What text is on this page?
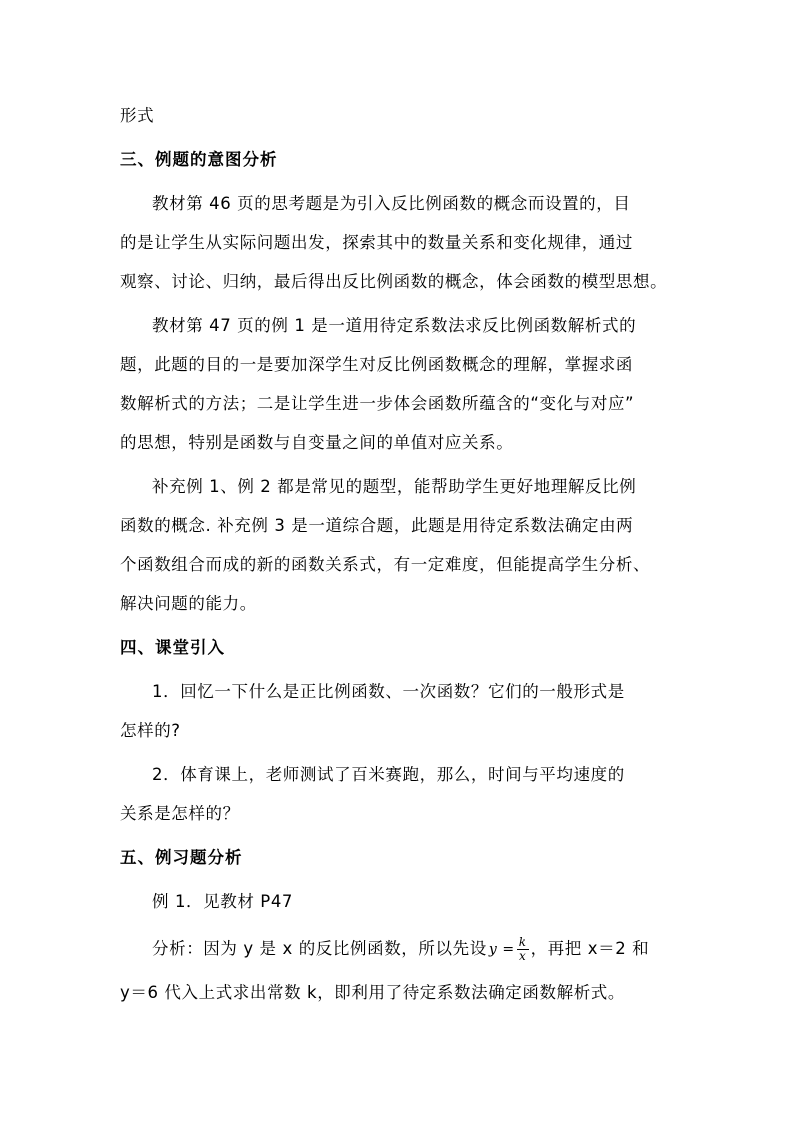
形式
三、例题的意图分析
教材第 46 页的思考题是为引入反比例函数的概念而设置的，目
的是让学生从实际问题出发，探索其中的数量关系和变化规律，通过
观察、讨论、归纳，最后得出反比例函数的概念，体会函数的模型思想。
教材第 47 页的例 1 是一道用待定系数法求反比例函数解析式的
题，此题的目的一是要加深学生对反比例函数概念的理解，掌握求函
数解析式的方法；二是让学生进一步体会函数所蕴含的“变化与对应”
的思想，特别是函数与自变量之间的单值对应关系。
补充例 1、例 2 都是常见的题型，能帮助学生更好地理解反比例
函数的概念. 补充例 3 是一道综合题，此题是用待定系数法确定由两
个函数组合而成的新的函数关系式，有一定难度，但能提高学生分析、
解决问题的能力。
四、课堂引入
1．回忆一下什么是正比例函数、一次函数？它们的一般形式是
怎样的?
2．体育课上，老师测试了百米赛跑，那么，时间与平均速度的
关系是怎样的？
五、例习题分析
例 1．见教材 P47
分析：因为 y 是 x 的反比例函数，所以先设 $y = \frac{k}{x}$ ，再把 x＝2 和
y＝6 代入上式求出常数 k，即利用了待定系数法确定函数解析式。
